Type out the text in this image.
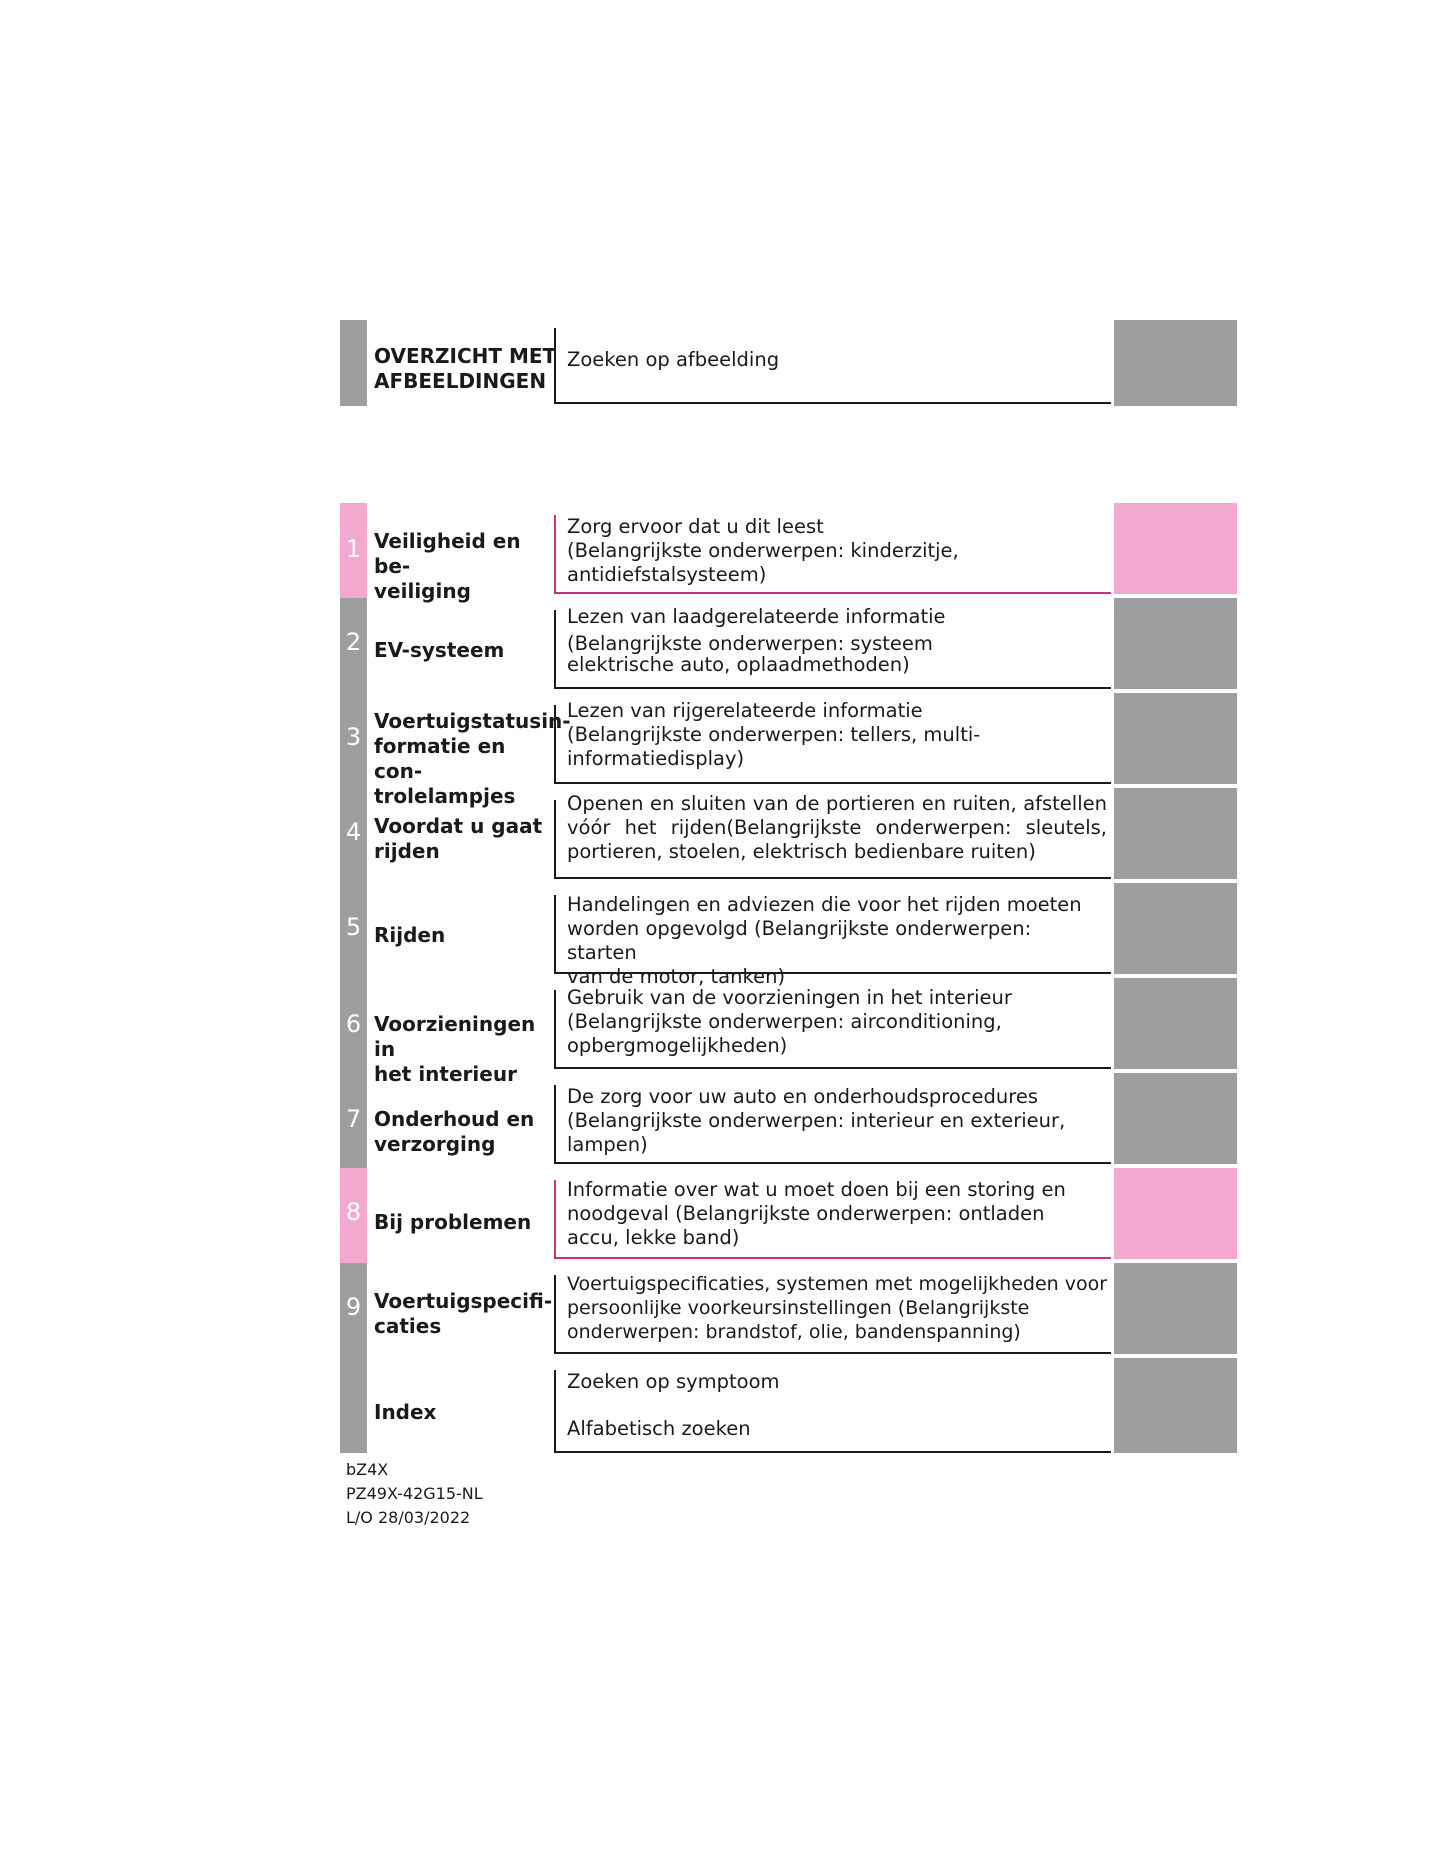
OVERZICHT MET
AFBEELDINGEN
Zoeken op afbeelding
1 Veiligheid en be-
veiliging
Zorg ervoor dat u dit leest
(Belangrijkste onderwerpen: kinderzitje,
antidiefstalsysteem)
2 EV-systeem
Lezen van laadgerelateerde informatie
(Belangrijkste onderwerpen: systeem
elektrische auto, oplaadmethoden)
3
Voertuigstatusin-
formatie en con-
trolelampjes
Lezen van rijgerelateerde informatie
(Belangrijkste onderwerpen: tellers, multi-
informatiedisplay)
4 Voordat u gaat
rijden
Openen en sluiten van de portieren en ruiten, afstellen
vóór het rijden(Belangrijkste onderwerpen: sleutels,
portieren, stoelen, elektrisch bedienbare ruiten)
5 Rijden
Handelingen en adviezen die voor het rijden moeten
worden opgevolgd (Belangrijkste onderwerpen: starten
van de motor, tanken)
6 Voorzieningen in
het interieur
Gebruik van de voorzieningen in het interieur
(Belangrijkste onderwerpen: airconditioning,
opbergmogelijkheden)
7 Onderhoud en
verzorging
De zorg voor uw auto en onderhoudsprocedures
(Belangrijkste onderwerpen: interieur en exterieur,
lampen)
8 Bij problemen
Informatie over wat u moet doen bij een storing en
noodgeval (Belangrijkste onderwerpen: ontladen
accu, lekke band)
9 Voertuigspecifi-
caties
Voertuigspecificaties, systemen met mogelijkheden voor
persoonlijke voorkeursinstellingen (Belangrijkste
onderwerpen: brandstof, olie, bandenspanning)
Index
Zoeken op symptoom
Alfabetisch zoeken
bZ4X
PZ49X-42G15-NL
L/O 28/03/2022
